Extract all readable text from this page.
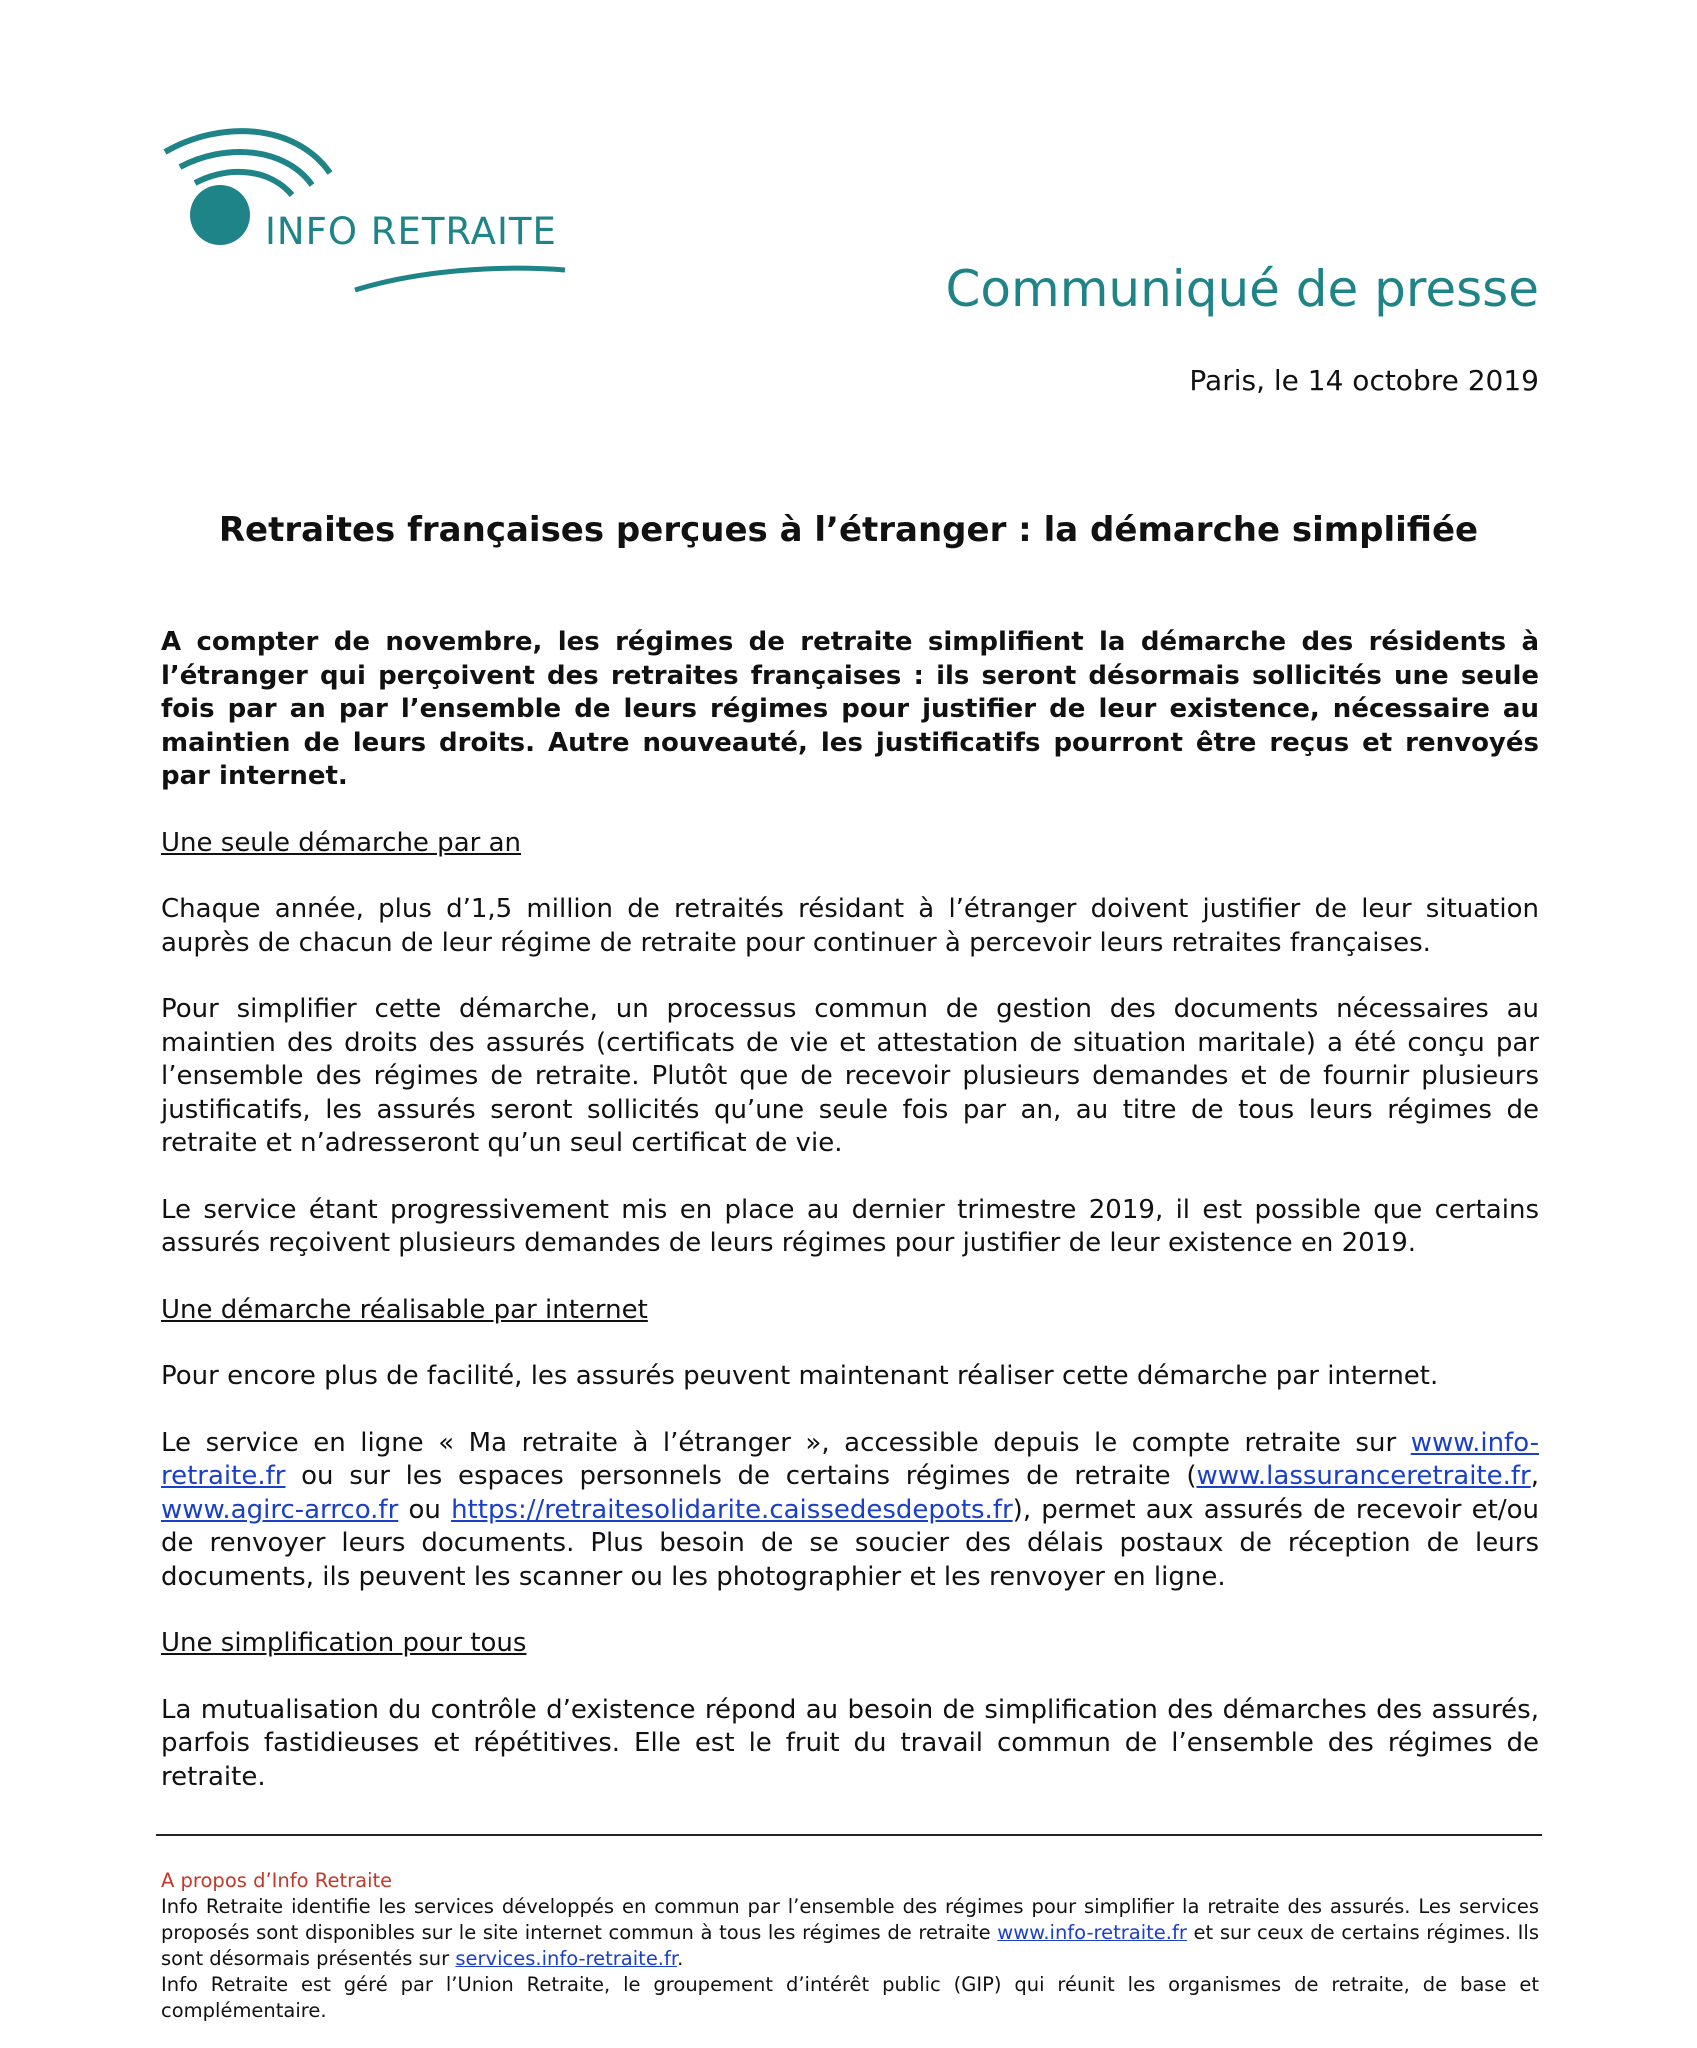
INFO RETRAITE
Communiqué de presse
Paris, le 14 octobre 2019
Retraites françaises perçues à l’étranger : la démarche simplifiée

A compter de novembre, les régimes de retraite simplifient la démarche des résidents à l’étranger qui perçoivent des retraites françaises : ils seront désormais sollicités une seule fois par an par l’ensemble de leurs régimes pour justifier de leur existence, nécessaire au maintien de leurs droits. Autre nouveauté, les justificatifs pourront être reçus et renvoyés par internet.

Une seule démarche par an

Chaque année, plus d’1,5 million de retraités résidant à l’étranger doivent justifier de leur situation auprès de chacun de leur régime de retraite pour continuer à percevoir leurs retraites françaises.

Pour simplifier cette démarche, un processus commun de gestion des documents nécessaires au maintien des droits des assurés (certificats de vie et attestation de situation maritale) a été conçu par l’ensemble des régimes de retraite. Plutôt que de recevoir plusieurs demandes et de fournir plusieurs justificatifs, les assurés seront sollicités qu’une seule fois par an, au titre de tous leurs régimes de retraite et n’adresseront qu’un seul certificat de vie.

Le service étant progressivement mis en place au dernier trimestre 2019, il est possible que certains assurés reçoivent plusieurs demandes de leurs régimes pour justifier de leur existence en 2019.

Une démarche réalisable par internet

Pour encore plus de facilité, les assurés peuvent maintenant réaliser cette démarche par internet.

Le service en ligne « Ma retraite à l’étranger », accessible depuis le compte retraite sur www.info-retraite.fr ou sur les espaces personnels de certains régimes de retraite (www.lassuranceretraite.fr, www.agirc-arrco.fr ou https://retraitesolidarite.caissedesdepots.fr), permet aux assurés de recevoir et/ou de renvoyer leurs documents. Plus besoin de se soucier des délais postaux de réception de leurs documents, ils peuvent les scanner ou les photographier et les renvoyer en ligne.

Une simplification pour tous

La mutualisation du contrôle d’existence répond au besoin de simplification des démarches des assurés, parfois fastidieuses et répétitives. Elle est le fruit du travail commun de l’ensemble des régimes de retraite.

A propos d’Info Retraite

Info Retraite identifie les services développés en commun par l’ensemble des régimes pour simplifier la retraite des assurés. Les services proposés sont disponibles sur le site internet commun à tous les régimes de retraite www.info-retraite.fr et sur ceux de certains régimes. Ils sont désormais présentés sur services.info-retraite.fr.

Info Retraite est géré par l’Union Retraite, le groupement d’intérêt public (GIP) qui réunit les organismes de retraite, de base et complémentaire.
